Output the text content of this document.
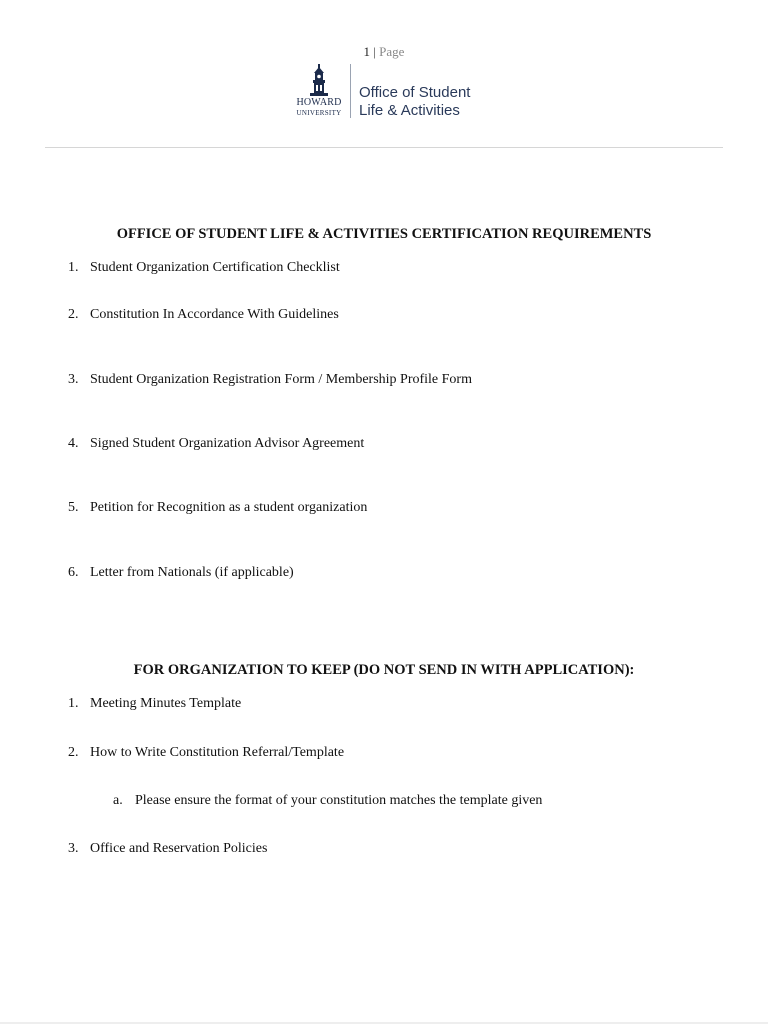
1 | Page
HOWARD
UNIVERSITY
Office of Student
Life & Activities
OFFICE OF STUDENT LIFE & ACTIVITIES CERTIFICATION REQUIREMENTS
1. Student Organization Certification Checklist
2. Constitution In Accordance With Guidelines
3. Student Organization Registration Form / Membership Profile Form
4. Signed Student Organization Advisor Agreement
5. Petition for Recognition as a student organization
6. Letter from Nationals (if applicable)
FOR ORGANIZATION TO KEEP (DO NOT SEND IN WITH APPLICATION):
1. Meeting Minutes Template
2. How to Write Constitution Referral/Template
a. Please ensure the format of your constitution matches the template given
3. Office and Reservation Policies
